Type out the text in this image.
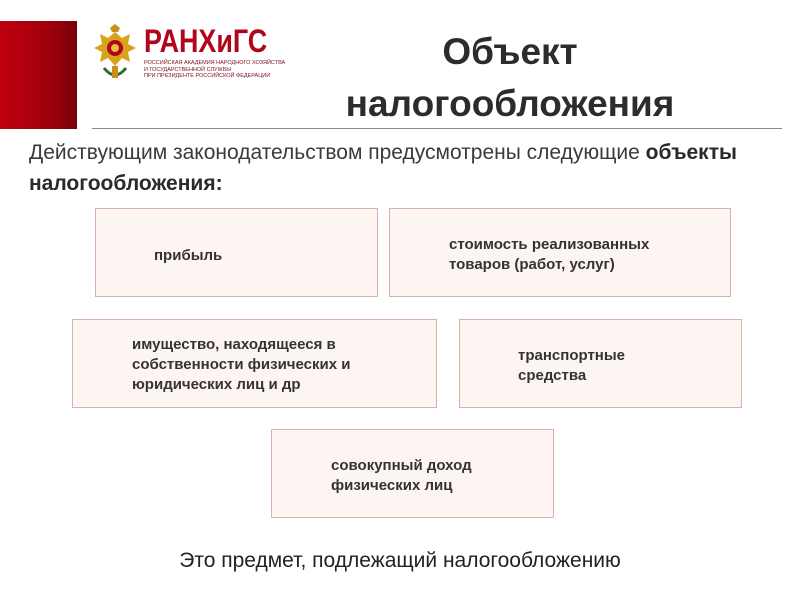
РАНХиГС
РОССИЙСКАЯ АКАДЕМИЯ НАРОДНОГО ХОЗЯЙСТВА
И ГОСУДАРСТВЕННОЙ СЛУЖБЫ
ПРИ ПРЕЗИДЕНТЕ РОССИЙСКОЙ ФЕДЕРАЦИИ
Объект
налогообложения
Действующим законодательством предусмотрены следующие объекты налогообложения:
прибыль
стоимость реализованных
товаров (работ, услуг)
имущество, находящееся в
собственности физических и
юридических лиц и др
транспортные
средства
совокупный доход
физических лиц
Это предмет, подлежащий налогообложению
